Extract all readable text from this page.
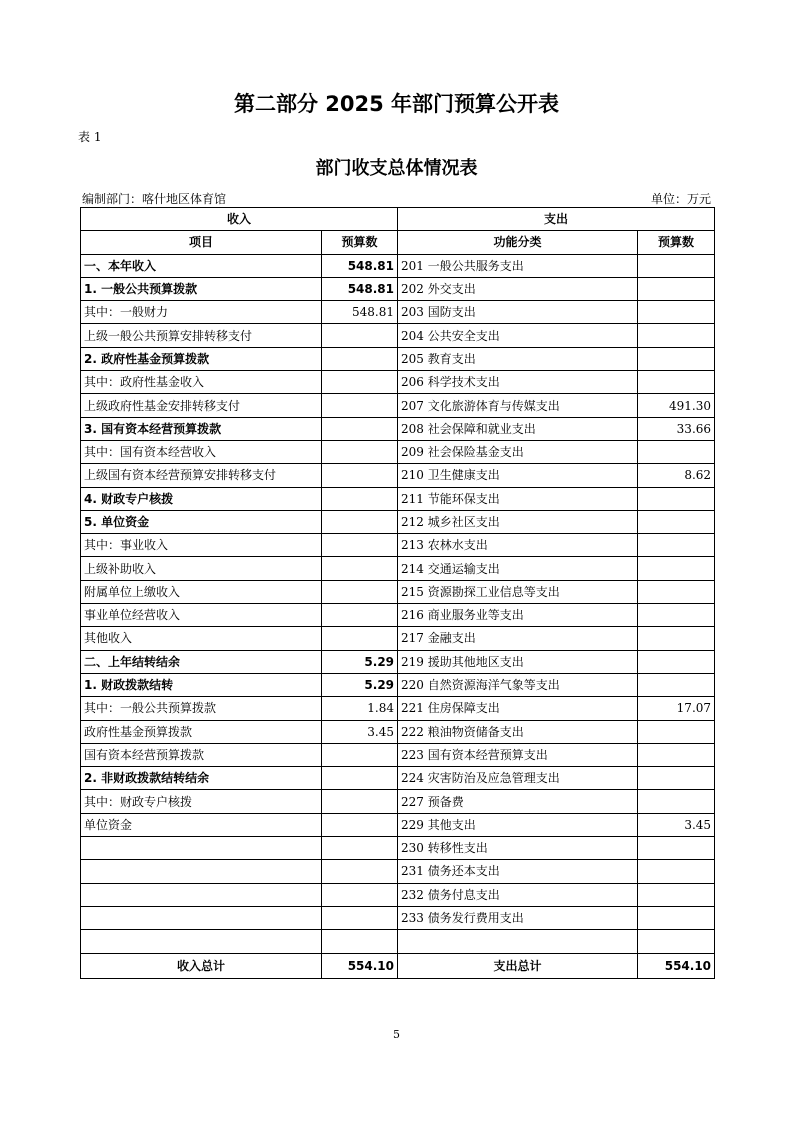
第二部分 2025 年部门预算公开表
表 1
部门收支总体情况表
编制部门：喀什地区体育馆	单位：万元
收入		支出	
项目	预算数	功能分类	预算数
一、本年收入	548.81	201 一般公共服务支出	
1. 一般公共预算拨款	548.81	202 外交支出	
其中：一般财力	548.81	203 国防支出	
上级一般公共预算安排转移支付		204 公共安全支出	
2. 政府性基金预算拨款		205 教育支出	
其中：政府性基金收入		206 科学技术支出	
上级政府性基金安排转移支付		207 文化旅游体育与传媒支出	491.30
3. 国有资本经营预算拨款		208 社会保障和就业支出	33.66
其中：国有资本经营收入		209 社会保险基金支出	
上级国有资本经营预算安排转移支付		210 卫生健康支出	8.62
4. 财政专户核拨		211 节能环保支出	
5. 单位资金		212 城乡社区支出	
其中：事业收入		213 农林水支出	
上级补助收入		214 交通运输支出	
附属单位上缴收入		215 资源勘探工业信息等支出	
事业单位经营收入		216 商业服务业等支出	
其他收入		217 金融支出	
二、上年结转结余	5.29	219 援助其他地区支出	
1. 财政拨款结转	5.29	220 自然资源海洋气象等支出	
其中：一般公共预算拨款	1.84	221 住房保障支出	17.07
政府性基金预算拨款	3.45	222 粮油物资储备支出	
国有资本经营预算拨款		223 国有资本经营预算支出	
2. 非财政拨款结转结余		224 灾害防治及应急管理支出	
其中：财政专户核拨		227 预备费	
单位资金		229 其他支出	3.45
		230 转移性支出	
		231 债务还本支出	
		232 债务付息支出	
		233 债务发行费用支出	

收入总计	554.10	支出总计	554.10
5
